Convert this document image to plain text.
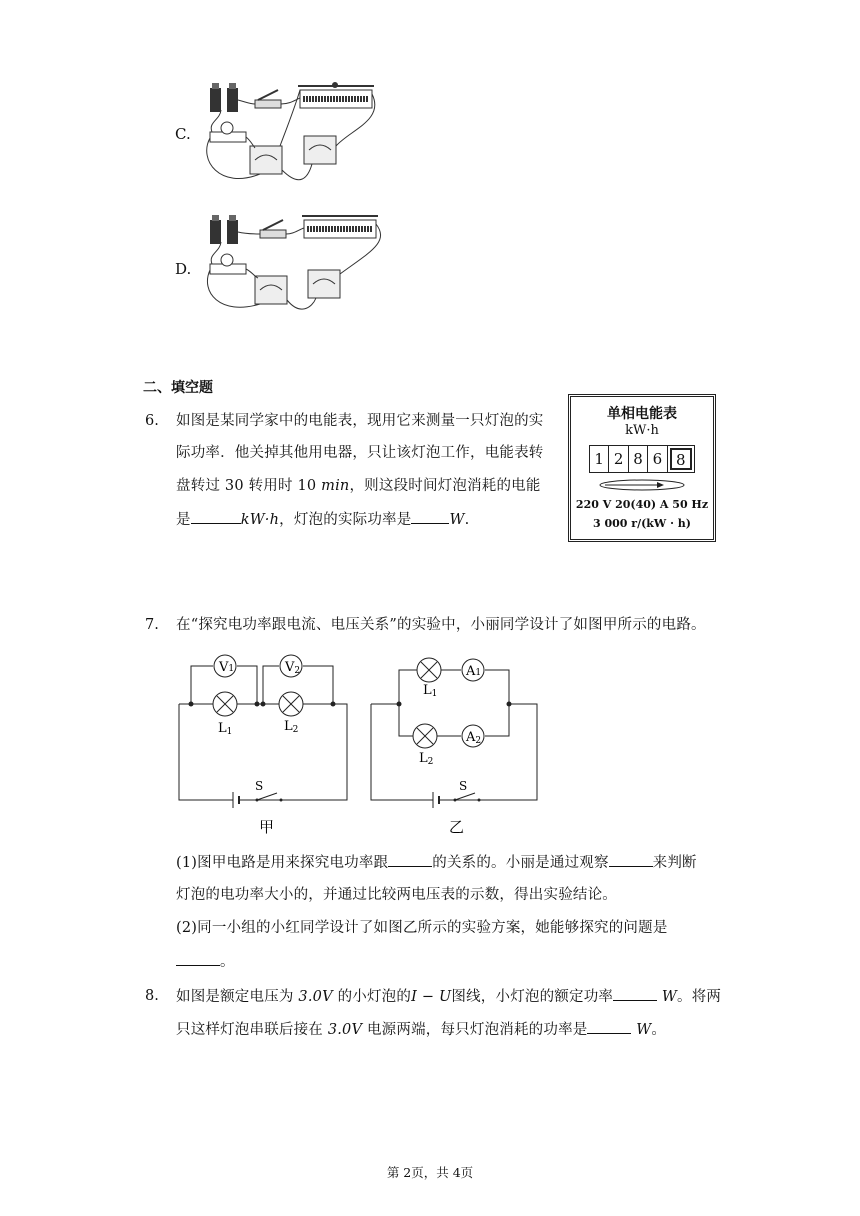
C.
D.
二、填空题
6. 如图是某同学家中的电能表，现用它来测量一只灯泡的实
际功率．他关掉其他用电器，只让该灯泡工作，电能表转
盘转过 30 转用时 10 min，则这段时间灯泡消耗的电能
是	kW·h，灯泡的实际功率是	W.
单相电能表
kW·h
1 2 8 6 8
220 V 20(40) A 50 Hz
3 000 r/(kW · h)
7. 在“探究电功率跟电流、电压关系”的实验中，小丽同学设计了如图甲所示的电路。
V1	V2
L1	L2
S
甲
A1
A2
L1
L2
S
乙
(1)图甲电路是用来探究电功率跟	的关系的。小丽是通过观察	来判断
灯泡的电功率大小的，并通过比较两电压表的示数，得出实验结论。
(2)同一小组的小红同学设计了如图乙所示的实验方案，她能够探究的问题是
。
8. 如图是额定电压为 3.0V 的小灯泡的I − U图线，小灯泡的额定功率	W。将两
只这样灯泡串联后接在 3.0V 电源两端，每只灯泡消耗的功率是	W。
第 2页，共 4页
